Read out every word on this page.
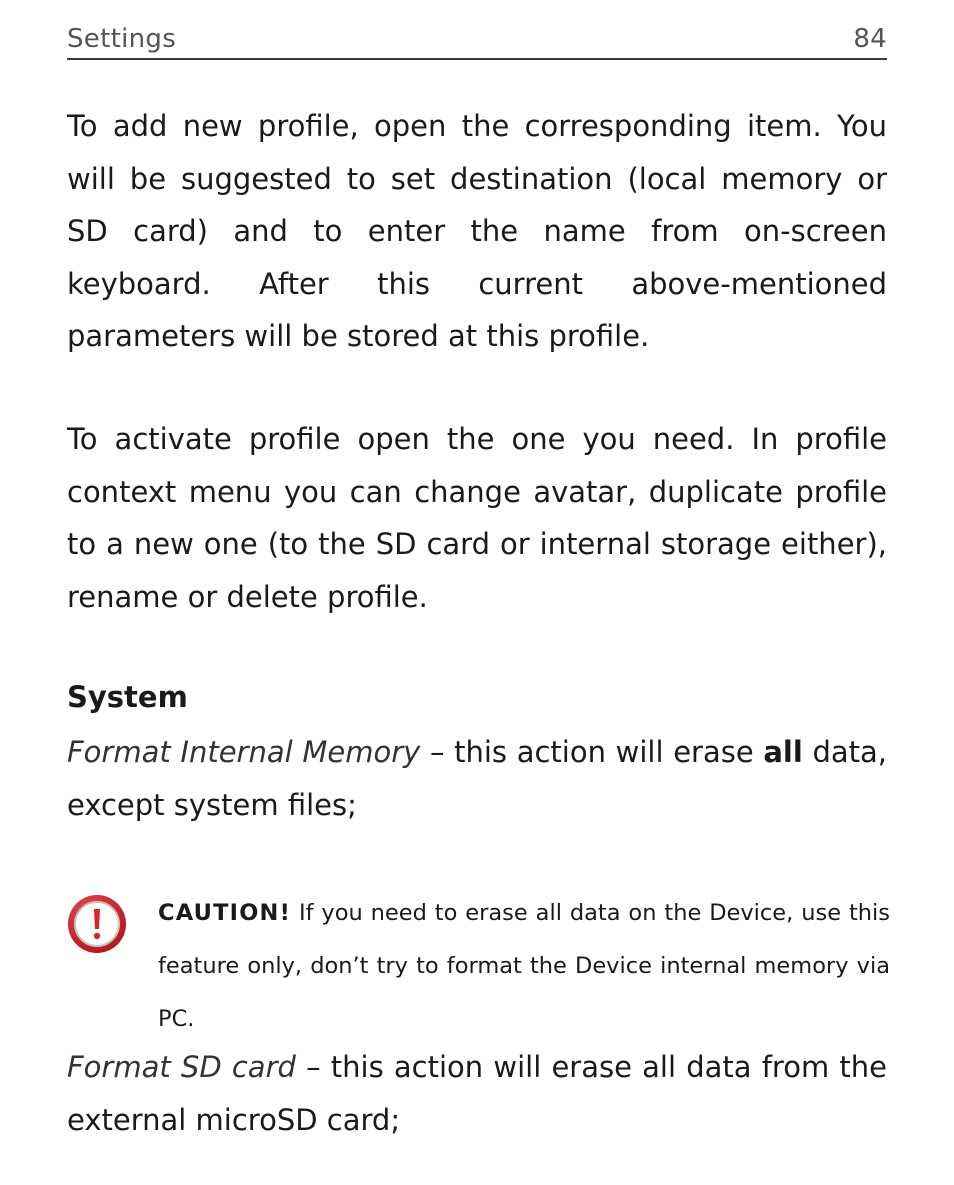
Settings	84

To add new profile, open the corresponding item. You will be suggested to set destination (local memory or SD card) and to enter the name from on-screen keyboard. After this current above-mentioned parameters will be stored at this profile.

To activate profile open the one you need. In profile context menu you can change avatar, duplicate profile to a new one (to the SD card or internal storage either), rename or delete profile.

System

Format Internal Memory – this action will erase all data, except system files;

CAUTION! If you need to erase all data on the Device, use this feature only, don’t try to format the Device internal memory via PC.

Format SD card – this action will erase all data from the external microSD card;
